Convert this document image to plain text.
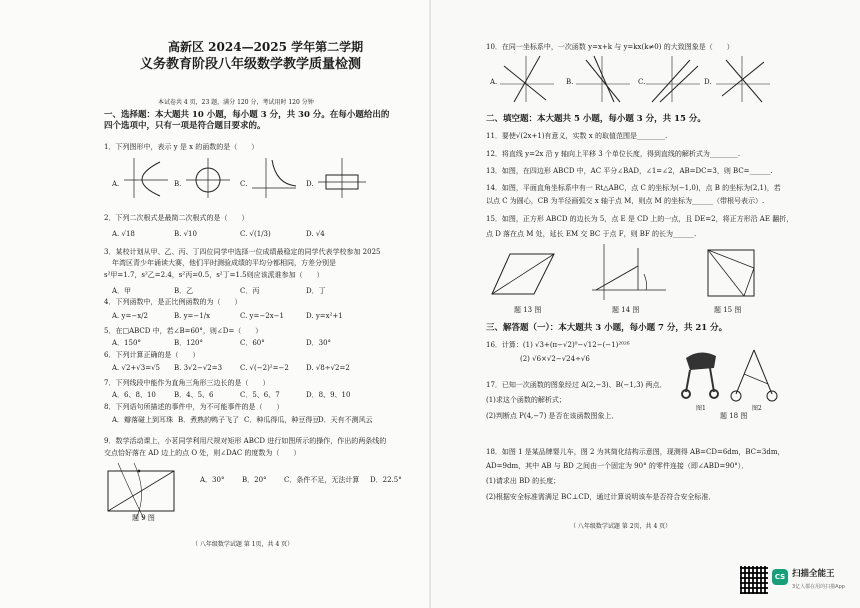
高新区 2024—2025 学年第二学期
义务教育阶段八年级数学教学质量检测
本试卷共 4 页，23 题，满分 120 分，考试用时 120 分钟
一、选择题：本大题共 10 小题，每小题 3 分，共 30 分。在每小题给出的
四个选项中，只有一项是符合题目要求的。
1．下列图形中，表示 y 是 x 的函数的是（　　）
A.	B.	C.	D.
2．下列二次根式是最简二次根式的是（　　）
A. √18	B. √10	C. √(1/3)	D. √4
3．某校计划从甲、乙、丙、丁四位同学中选择一位成绩最稳定的同学代表学校参加 2025
年湾区青少年诵读大赛，他们平时测验成绩的平均分都相同，方差分别是
s²甲=1.7，s²乙=2.4，s²丙=0.5，s²丁=1.5则应该派谁参加（　　）
A．甲	B．乙	C．丙	D．丁
4．下列函数中，是正比例函数的为（　　）
A. y=−x/2	B. y=−1/x	C. y=−2x−1	D. y=x²+1
5．在□ABCD 中，若∠B=60°，则∠D=（　　）
A．150°	B．120°	C．60°	D．30°
6．下列计算正确的是（　　）
A. √2+√3=√5 B. 3√2−√2=3	C. √(−2)²=−2 D. √8÷√2=2
7．下列线段中能作为直角三角形三边长的是（　　）
A．6、8、10	B．4、5、6	C．5、6、7	D．8、9、10
8．下列语句所描述的事件中，为不可能事件的是（　　）
A．瓣落碰上到耳珠 B．煮熟的鸭子飞了 C．种瓜得瓜，种豆得豆
D．天有不测风云
9．数学活动课上，小茗同学利用尺规对矩形 ABCD 进行如图所示的操作，作出的两条线的
交点恰好落在 AD 边上的点 O 处，则∠DAC 的度数为（　　）
A．30°	B．20° C．条件不足，无法计算 D．22.5°
题 9 图
（ 八年级数学试题 第 1页，共 4 页）
10．在同一坐标系中，一次函数 y=x+k 与 y=kx(k≠0) 的大致图象是（　　）
A.	B.	C.	D.
二、填空题：本大题共 5 小题，每小题 3 分，共 15 分。
11．要使√(2x+1)有意义，实数 x 的取值范围是________.
12．将直线 y=2x 沿 y 轴向上平移 3 个单位长度，得到直线的解析式为________.
13．如图，在四边形 ABCD 中，AC 平分∠BAD，∠1=∠2，AB=DC=3，则 BC=______.
14．如图，平面直角坐标系中有一 Rt△ABC，点 C 的坐标为(−1,0)，点 B 的坐标为(2,1)，若
以点 C 为圆心，CB 为半径画弧交 x 轴于点 M，则点 M 的坐标为______（带根号表示）.
15．如图，正方形 ABCD 的边长为 5，点 E 是 CD 上的一点，且 DE=2，将正方形沿 AE 翻折，
点 D 落在点 M 处，延长 EM 交 BC 于点 F，则 BF 的长为______.
题 13 图	题 14 图	题 15 图
三、解答题（一）：本大题共 3 小题，每小题 7 分，共 21 分。
16．计算：(1) √3+(π−√2)⁰−√12−(−1)²⁰²⁶
(2) √6×√2−√24÷√6
17．已知一次函数的图象经过 A(2,−3)、B(−1,3) 两点．
(1)求这个函数的解析式；
(2)判断点 P(4,−7) 是否在该函数图象上．
图1	图2
题 18 图
18．如图 1 是某品牌婴儿车，图 2 为其简化结构示意图，现测得 AB=CD=6dm，BC=3dm，
AD=9dm，其中 AB 与 BD 之间由一个固定为 90° 的零件连接（即∠ABD=90°）．
(1)请求出 BD 的长度；
(2)根据安全标准需满足 BC⊥CD，通过计算说明该车是否符合安全标准．
（ 八年级数学试题 第 2页，共 4 页）
CS 扫描全能王
3亿人都在用的扫描App
